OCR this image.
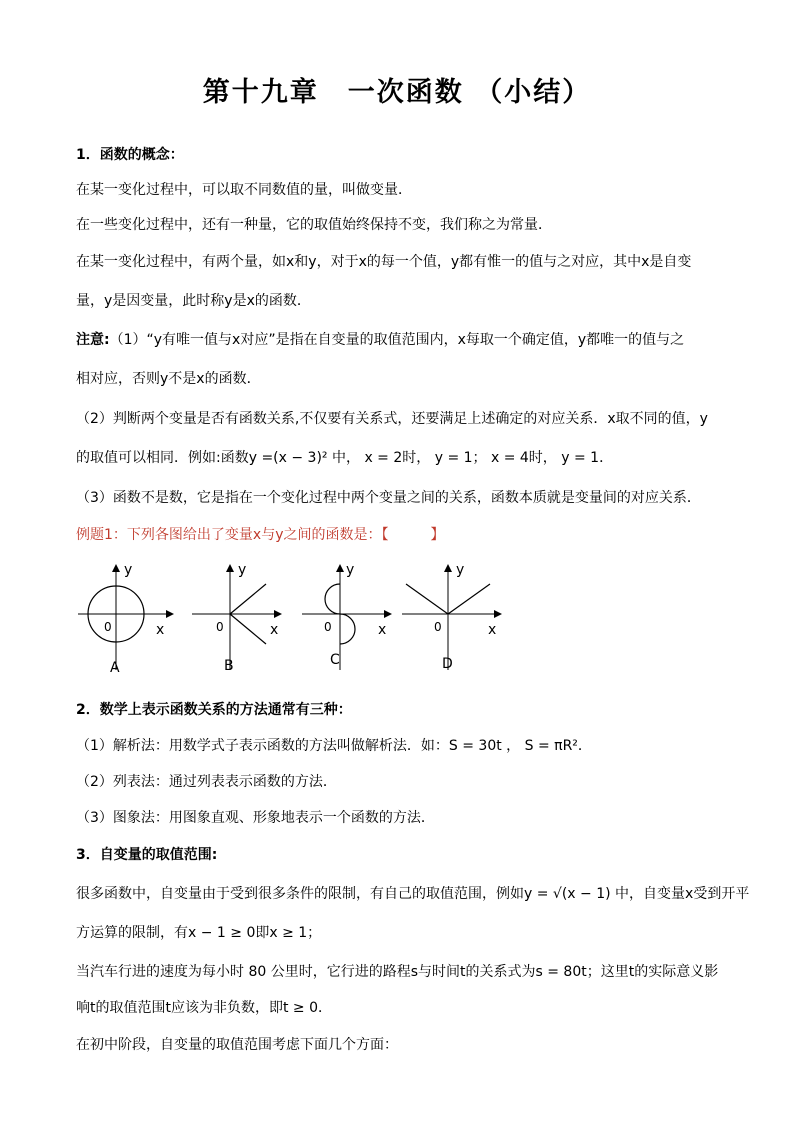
第十九章　一次函数 （小结）
1．函数的概念：
在某一变化过程中，可以取不同数值的量，叫做变量．
在一些变化过程中，还有一种量，它的取值始终保持不变，我们称之为常量．
在某一变化过程中，有两个量，如x和y，对于x的每一个值，y都有惟一的值与之对应，其中x是自变
量，y是因变量，此时称y是x的函数．
注意:（1）“y有唯一值与x对应”是指在自变量的取值范围内，x每取一个确定值，y都唯一的值与之
相对应，否则y不是x的函数．
（2）判断两个变量是否有函数关系,不仅要有关系式，还要满足上述确定的对应关系．x取不同的值，y
的取值可以相同．例如:函数y =(x − 3)² 中， x = 2时， y = 1； x = 4时， y = 1．
（3）函数不是数，它是指在一个变化过程中两个变量之间的关系，函数本质就是变量间的对应关系．
例题1：下列各图给出了变量x与y之间的函数是：【　　　】
y
x
0
A
y
x
0
B
y
x
0
C
y
x
0
D
2．数学上表示函数关系的方法通常有三种：
（1）解析法：用数学式子表示函数的方法叫做解析法．如：S = 30t ， S = πR²．
（2）列表法：通过列表表示函数的方法．
（3）图象法：用图象直观、形象地表示一个函数的方法．
3．自变量的取值范围:
很多函数中，自变量由于受到很多条件的限制，有自己的取值范围，例如y = √(x − 1) 中，自变量x受到开平
方运算的限制，有x − 1 ≥ 0即x ≥ 1；
当汽车行进的速度为每小时 80 公里时，它行进的路程s与时间t的关系式为s = 80t；这里t的实际意义影
响t的取值范围t应该为非负数，即t ≥ 0．
在初中阶段，自变量的取值范围考虑下面几个方面：
